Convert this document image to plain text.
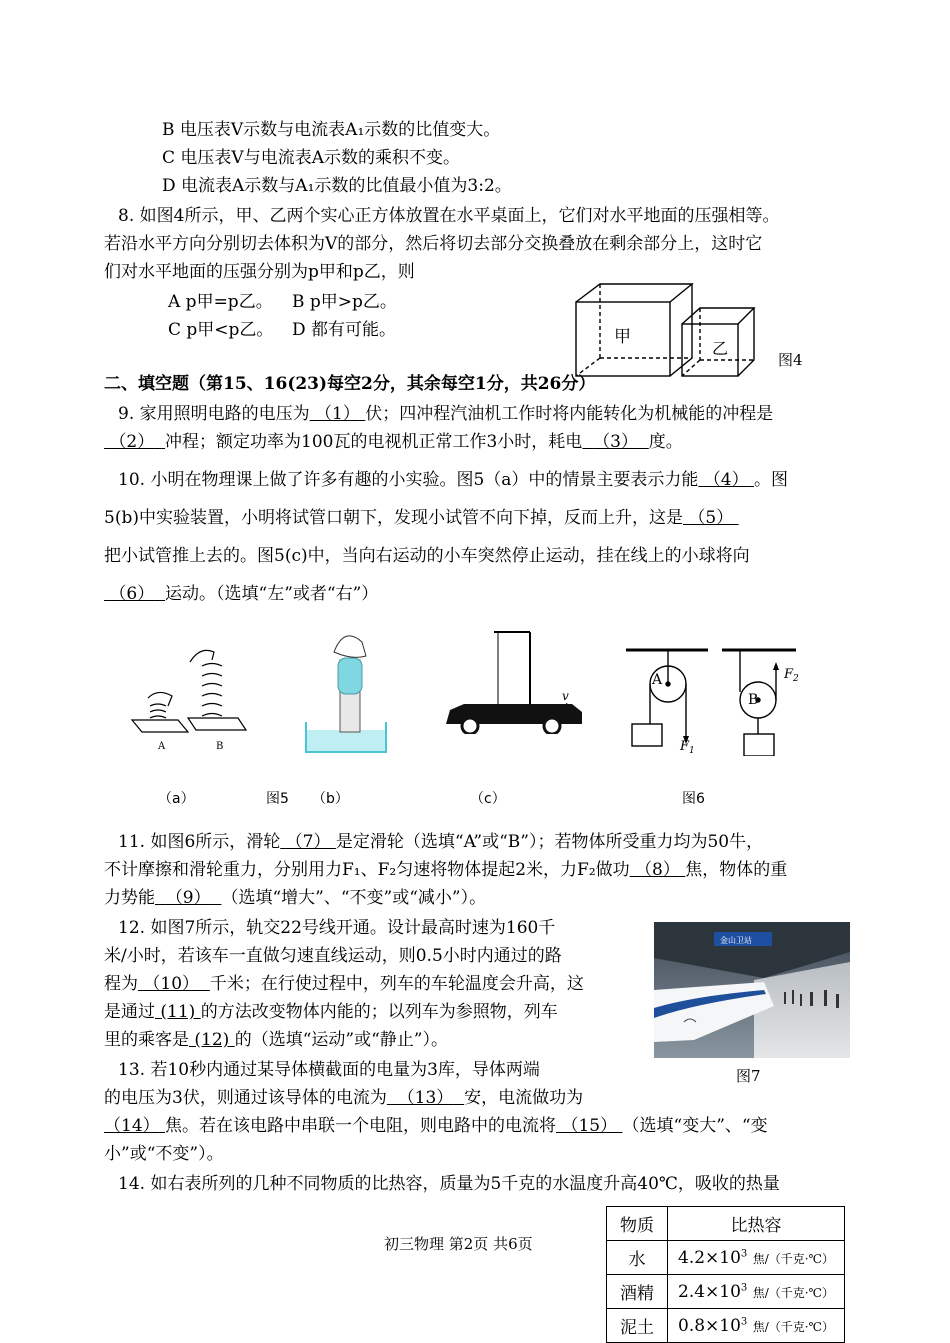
B 电压表V示数与电流表A₁示数的比值变大。
C 电压表V与电流表A示数的乘积不变。
D 电流表A示数与A₁示数的比值最小值为3:2。
8. 如图4所示，甲、乙两个实心正方体放置在水平桌面上，它们对水平地面的压强相等。
若沿水平方向分别切去体积为V的部分，然后将切去部分交换叠放在剩余部分上，这时它
们对水平地面的压强分别为p甲和p乙，则
A p甲=p乙。 B p甲>p乙。
C p甲<p乙。 D 都有可能。	甲
乙
图4
二、填空题（第15、16(23)每空2分，其余每空1分，共26分）
9. 家用照明电路的电压为 （1） 伏；四冲程汽油机工作时将内能转化为机械能的冲程是
（2） 冲程；额定功率为100瓦的电视机正常工作3小时，耗电 （3） 度。
10. 小明在物理课上做了许多有趣的小实验。图5（a）中的情景主要表示力能 （4） 。图
5(b)中实验装置，小明将试管口朝下，发现小试管不向下掉，反而上升，这是 （5）
把小试管推上去的。图5(c)中，当向右运动的小车突然停止运动，挂在线上的小球将向
（6） 运动。（选填“左”或者“右”）
A	B
v
A
B
$F_1$
$F_2$
（a）	图5 （b）	（c）	图6
11. 如图6所示，滑轮 （7） 是定滑轮（选填“A”或“B”）；若物体所受重力均为50牛，
不计摩擦和滑轮重力，分别用力F₁、F₂匀速将物体提起2米，力F₂做功 （8） 焦，物体的重
力势能 （9） （选填“增大”、“不变”或“减小”）。
12. 如图7所示，轨交22号线开通。设计最高时速为160千
米/小时，若该车一直做匀速直线运动，则0.5小时内通过的路
程为 （10） 千米；在行使过程中，列车的车轮温度会升高，这
是通过 (11) 的方法改变物体内能的；以列车为参照物，列车
里的乘客是 (12) 的（选填“运动”或“静止”）。
金山卫站
图7
13. 若10秒内通过某导体横截面的电量为3库，导体两端
的电压为3伏，则通过该导体的电流为 （13） 安，电流做功为
（14） 焦。若在该电路中串联一个电阻，则电路中的电流将 （15） （选填“变大”、“变
小”或“不变”）。
14. 如右表所列的几种不同物质的比热容，质量为5千克的水温度升高40℃，吸收的热量
物质	比热容
水	$4.2\times 10^3$ 焦/（千克·℃）
酒精	$2.4\times 10^3$ 焦/（千克·℃）
泥土	$0.8\times 10^3$ 焦/（千克·℃）
初三物理 第2页 共6页
